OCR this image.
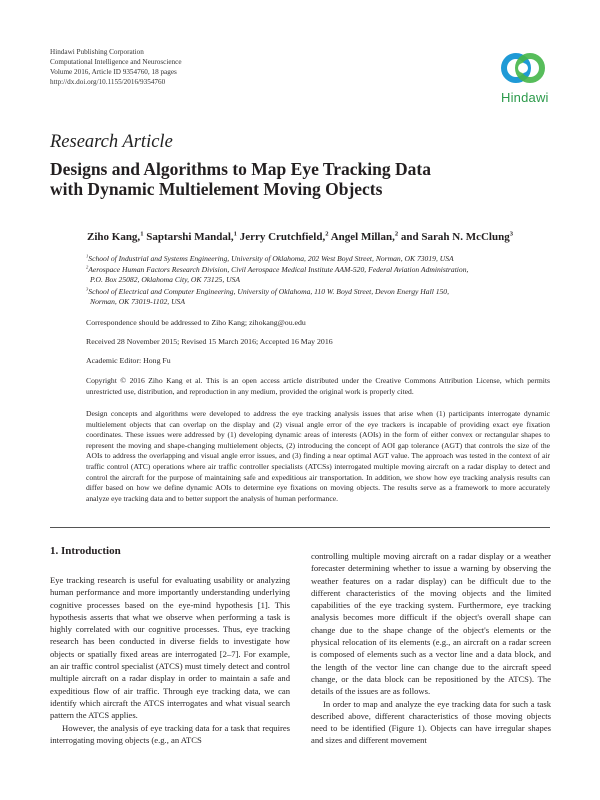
Hindawi Publishing Corporation
Computational Intelligence and Neuroscience
Volume 2016, Article ID 9354760, 18 pages
http://dx.doi.org/10.1155/2016/9354760
Hindawi
Research Article
Designs and Algorithms to Map Eye Tracking Data
with Dynamic Multielement Moving Objects
Ziho Kang,$^1$ Saptarshi Mandal,$^1$ Jerry Crutchfield,$^2$ Angel Millan,$^2$ and Sarah N. McClung$^3$
$^1$School of Industrial and Systems Engineering, University of Oklahoma, 202 West Boyd Street, Norman, OK 73019, USA
$^2$Aerospace Human Factors Research Division, Civil Aerospace Medical Institute AAM-520, Federal Aviation Administration,
P.O. Box 25082, Oklahoma City, OK 73125, USA
$^3$School of Electrical and Computer Engineering, University of Oklahoma, 110 W. Boyd Street, Devon Energy Hall 150,
Norman, OK 73019-1102, USA
Correspondence should be addressed to Ziho Kang; zihokang@ou.edu
Received 28 November 2015; Revised 15 March 2016; Accepted 16 May 2016
Academic Editor: Hong Fu
Copyright © 2016 Ziho Kang et al. This is an open access article distributed under the Creative Commons Attribution License, which permits unrestricted use, distribution, and reproduction in any medium, provided the original work is properly cited.
Design concepts and algorithms were developed to address the eye tracking analysis issues that arise when (1) participants interrogate dynamic multielement objects that can overlap on the display and (2) visual angle error of the eye trackers is incapable of providing exact eye fixation coordinates. These issues were addressed by (1) developing dynamic areas of interests (AOIs) in the form of either convex or rectangular shapes to represent the moving and shape-changing multielement objects, (2) introducing the concept of AOI gap tolerance (AGT) that controls the size of the AOIs to address the overlapping and visual angle error issues, and (3) finding a near optimal AGT value. The approach was tested in the context of air traffic control (ATC) operations where air traffic controller specialists (ATCSs) interrogated multiple moving aircraft on a radar display to detect and control the aircraft for the purpose of maintaining safe and expeditious air transportation. In addition, we show how eye tracking analysis results can differ based on how we define dynamic AOIs to determine eye fixations on moving objects. The results serve as a framework to more accurately analyze eye tracking data and to better support the analysis of human performance.
1. Introduction

Eye tracking research is useful for evaluating usability or analyzing human performance and more importantly understanding underlying cognitive processes based on the eye-mind hypothesis [1]. This hypothesis asserts that what we observe when performing a task is highly correlated with our cognitive processes. Thus, eye tracking research has been conducted in diverse fields to investigate how objects or spatially fixed areas are interrogated [2–7]. For example, an air traffic control specialist (ATCS) must timely detect and control multiple aircraft on a radar display in order to maintain a safe and expeditious flow of air traffic. Through eye tracking data, we can identify which aircraft the ATCS interrogates and what visual search pattern the ATCS applies.

However, the analysis of eye tracking data for a task that requires interrogating moving objects (e.g., an ATCS

controlling multiple moving aircraft on a radar display or a weather forecaster determining whether to issue a warning by observing the weather features on a radar display) can be difficult due to the different characteristics of the moving objects and the limited capabilities of the eye tracking system. Furthermore, eye tracking analysis becomes more difficult if the object's overall shape can change due to the shape change of the object's elements or the physical relocation of its elements (e.g., an aircraft on a radar screen is composed of elements such as a vector line and a data block, and the length of the vector line can change due to the aircraft speed change, or the data block can be repositioned by the ATCS). The details of the issues are as follows.

In order to map and analyze the eye tracking data for such a task described above, different characteristics of those moving objects need to be identified (Figure 1). Objects can have irregular shapes and sizes and different movement
